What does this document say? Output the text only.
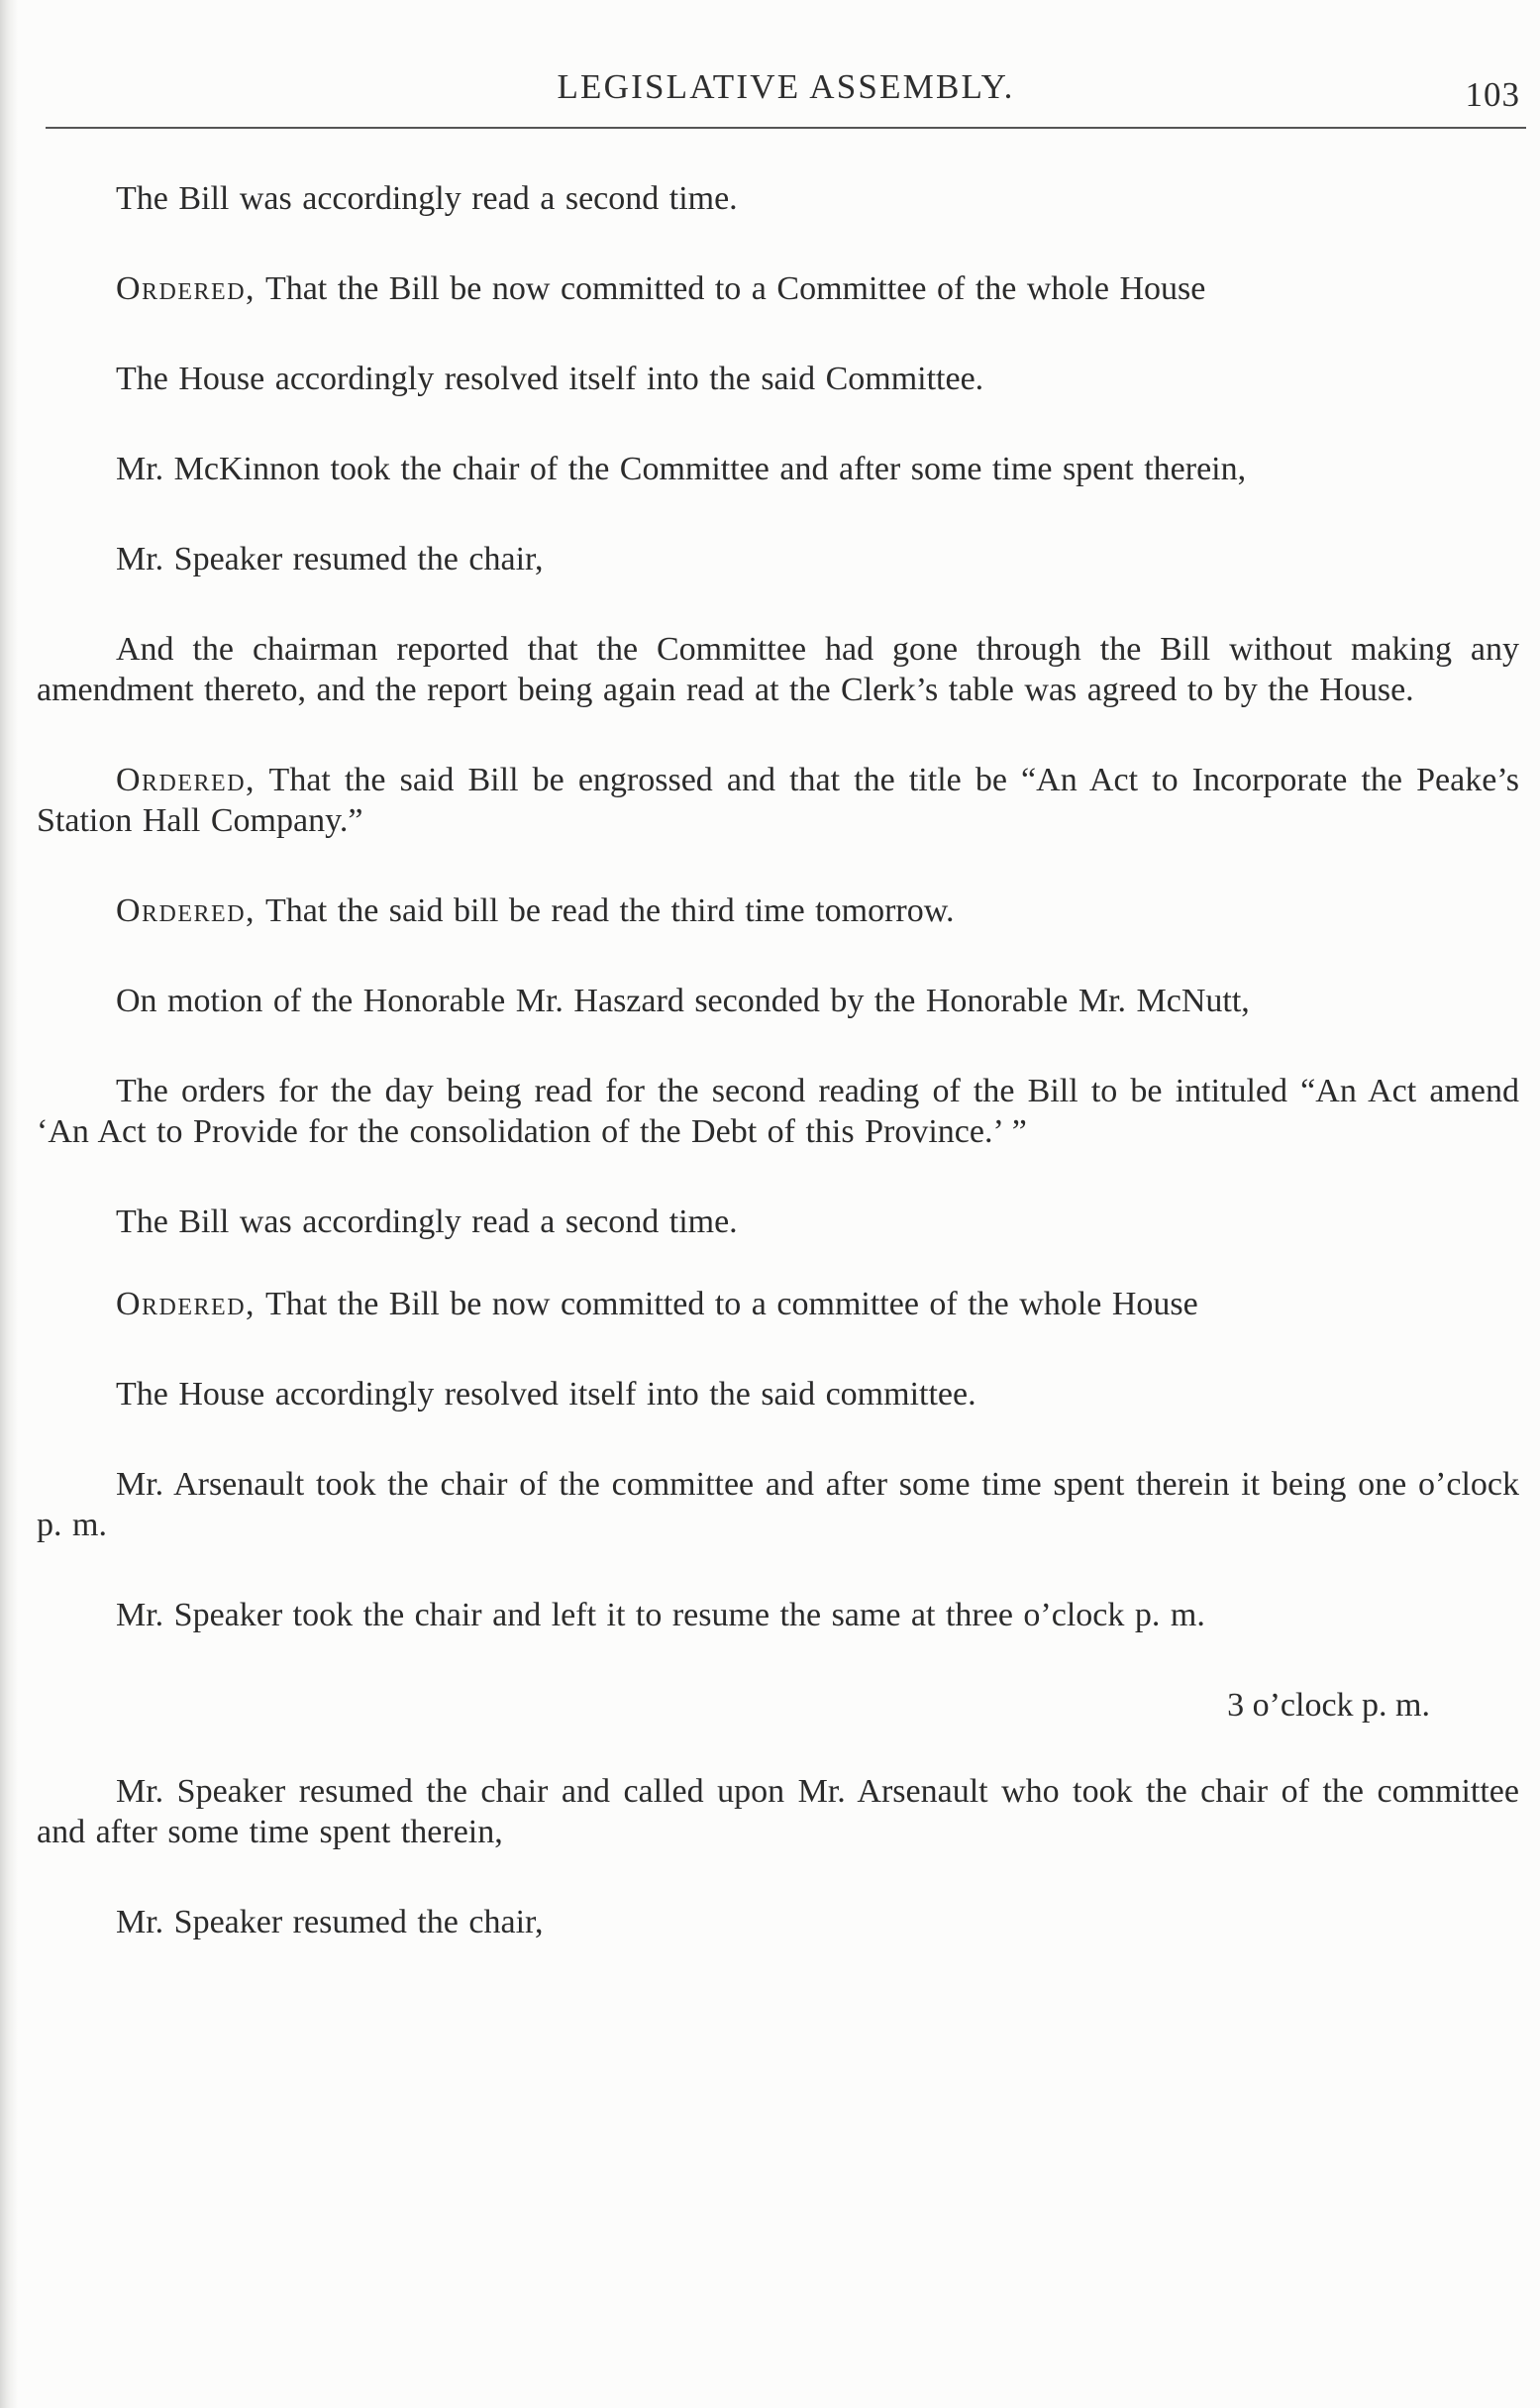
LEGISLATIVE ASSEMBLY.	103

The Bill was accordingly read a second time.

Ordered, That the Bill be now committed to a Committee of the whole House

The House accordingly resolved itself into the said Committee.

Mr. McKinnon took the chair of the Committee and after some time spent therein,

Mr. Speaker resumed the chair,

And the chairman reported that the Committee had gone through the Bill without making any amendment thereto, and the report being again read at the Clerk’s table was agreed to by the House.

Ordered, That the said Bill be engrossed and that the title be “An Act to Incorporate the Peake’s Station Hall Company.”

Ordered, That the said bill be read the third time tomorrow.

On motion of the Honorable Mr. Haszard seconded by the Honorable Mr. McNutt,

The orders for the day being read for the second reading of the Bill to be intituled “An Act amend ‘An Act to Provide for the consolidation of the Debt of this Province.’ ”

The Bill was accordingly read a second time.

Ordered, That the Bill be now committed to a committee of the whole House

The House accordingly resolved itself into the said committee.

Mr. Arsenault took the chair of the committee and after some time spent therein it being one o’clock p. m.

Mr. Speaker took the chair and left it to resume the same at three o’clock p. m.

3 o’clock p. m.

Mr. Speaker resumed the chair and called upon Mr. Arsenault who took the chair of the committee and after some time spent therein,

Mr. Speaker resumed the chair,
